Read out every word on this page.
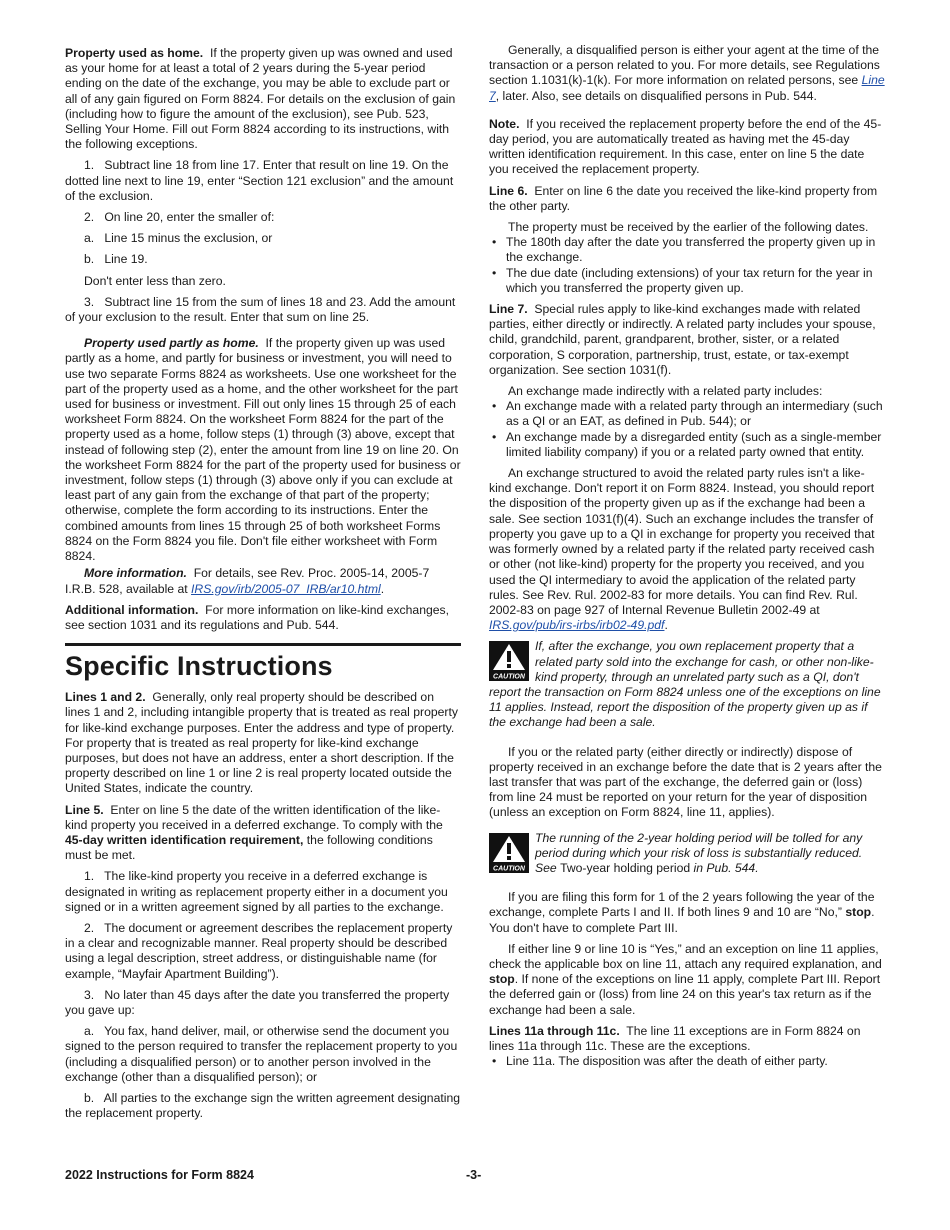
Property used as home. If the property given up was owned and used as your home for at least a total of 2 years during the 5-year period ending on the date of the exchange, you may be able to exclude part or all of any gain figured on Form 8824. For details on the exclusion of gain (including how to figure the amount of the exclusion), see Pub. 523, Selling Your Home. Fill out Form 8824 according to its instructions, with the following exceptions.

1.   Subtract line 18 from line 17. Enter that result on line 19. On the dotted line next to line 19, enter “Section 121 exclusion” and the amount of the exclusion.

2.   On line 20, enter the smaller of:

a.   Line 15 minus the exclusion, or

b.   Line 19.

Don't enter less than zero.

3.   Subtract line 15 from the sum of lines 18 and 23. Add the amount of your exclusion to the result. Enter that sum on line 25.

Property used partly as home. If the property given up was used partly as a home, and partly for business or investment, you will need to use two separate Forms 8824 as worksheets. Use one worksheet for the part of the property used as a home, and the other worksheet for the part used for business or investment. Fill out only lines 15 through 25 of each worksheet Form 8824. On the worksheet Form 8824 for the part of the property used as a home, follow steps (1) through (3) above, except that instead of following step (2), enter the amount from line 19 on line 20. On the worksheet Form 8824 for the part of the property used for business or investment, follow steps (1) through (3) above only if you can exclude at least part of any gain from the exchange of that part of the property; otherwise, complete the form according to its instructions. Enter the combined amounts from lines 15 through 25 of both worksheet Forms 8824 on the Form 8824 you file. Don't file either worksheet with Form 8824.

More information. For details, see Rev. Proc. 2005-14, 2005-7 I.R.B. 528, available at IRS.gov/irb/2005-07_IRB/ar10.html.

Additional information. For more information on like-kind exchanges, see section 1031 and its regulations and Pub. 544.

Specific Instructions

Lines 1 and 2. Generally, only real property should be described on lines 1 and 2, including intangible property that is treated as real property for like-kind exchange purposes. Enter the address and type of property. For property that is treated as real property for like-kind exchange purposes, but does not have an address, enter a short description. If the property described on line 1 or line 2 is real property located outside the United States, indicate the country.

Line 5. Enter on line 5 the date of the written identification of the like-kind property you received in a deferred exchange. To comply with the 45-day written identification requirement, the following conditions must be met.

1.   The like-kind property you receive in a deferred exchange is designated in writing as replacement property either in a document you signed or in a written agreement signed by all parties to the exchange.

2.   The document or agreement describes the replacement property in a clear and recognizable manner. Real property should be described using a legal description, street address, or distinguishable name (for example, “Mayfair Apartment Building”).

3.   No later than 45 days after the date you transferred the property you gave up:

a.   You fax, hand deliver, mail, or otherwise send the document you signed to the person required to transfer the replacement property to you (including a disqualified person) or to another person involved in the exchange (other than a disqualified person); or

b.   All parties to the exchange sign the written agreement designating the replacement property.

Generally, a disqualified person is either your agent at the time of the transaction or a person related to you. For more details, see Regulations section 1.1031(k)-1(k). For more information on related persons, see Line 7, later. Also, see details on disqualified persons in Pub. 544.

Note. If you received the replacement property before the end of the 45-day period, you are automatically treated as having met the 45-day written identification requirement. In this case, enter on line 5 the date you received the replacement property.

Line 6. Enter on line 6 the date you received the like-kind property from the other party.

The property must be received by the earlier of the following dates.

• The 180th day after the date you transferred the property given up in the exchange.

• The due date (including extensions) of your tax return for the year in which you transferred the property given up.

Line 7. Special rules apply to like-kind exchanges made with related parties, either directly or indirectly. A related party includes your spouse, child, grandchild, parent, grandparent, brother, sister, or a related corporation, S corporation, partnership, trust, estate, or tax-exempt organization. See section 1031(f).

An exchange made indirectly with a related party includes:

• An exchange made with a related party through an intermediary (such as a QI or an EAT, as defined in Pub. 544); or

• An exchange made by a disregarded entity (such as a single-member limited liability company) if you or a related party owned that entity.

An exchange structured to avoid the related party rules isn't a like-kind exchange. Don't report it on Form 8824. Instead, you should report the disposition of the property given up as if the exchange had been a sale. See section 1031(f)(4). Such an exchange includes the transfer of property you gave up to a QI in exchange for property you received that was formerly owned by a related party if the related party received cash or other (not like-kind) property for the property you received, and you used the QI intermediary to avoid the application of the related party rules. See Rev. Rul. 2002-83 for more details. You can find Rev. Rul. 2002-83 on page 927 of Internal Revenue Bulletin 2002-49 at IRS.gov/pub/irs-irbs/irb02-49.pdf.

CAUTION
If, after the exchange, you own replacement property that a related party sold into the exchange for cash, or other non-like-kind property, through an unrelated party such as a QI, don't report the transaction on Form 8824 unless one of the exceptions on line 11 applies. Instead, report the disposition of the property given up as if the exchange had been a sale.

If you or the related party (either directly or indirectly) dispose of property received in an exchange before the date that is 2 years after the last transfer that was part of the exchange, the deferred gain or (loss) from line 24 must be reported on your return for the year of disposition (unless an exception on Form 8824, line 11, applies).

CAUTION
The running of the 2-year holding period will be tolled for any period during which your risk of loss is substantially reduced. See Two-year holding period in Pub. 544.

If you are filing this form for 1 of the 2 years following the year of the exchange, complete Parts I and II. If both lines 9 and 10 are “No,” stop. You don't have to complete Part III.

If either line 9 or line 10 is “Yes,” and an exception on line 11 applies, check the applicable box on line 11, attach any required explanation, and stop. If none of the exceptions on line 11 apply, complete Part III. Report the deferred gain or (loss) from line 24 on this year's tax return as if the exchange had been a sale.

Lines 11a through 11c. The line 11 exceptions are in Form 8824 on lines 11a through 11c. These are the exceptions.

• Line 11a. The disposition was after the death of either party.

2022 Instructions for Form 8824	-3-
